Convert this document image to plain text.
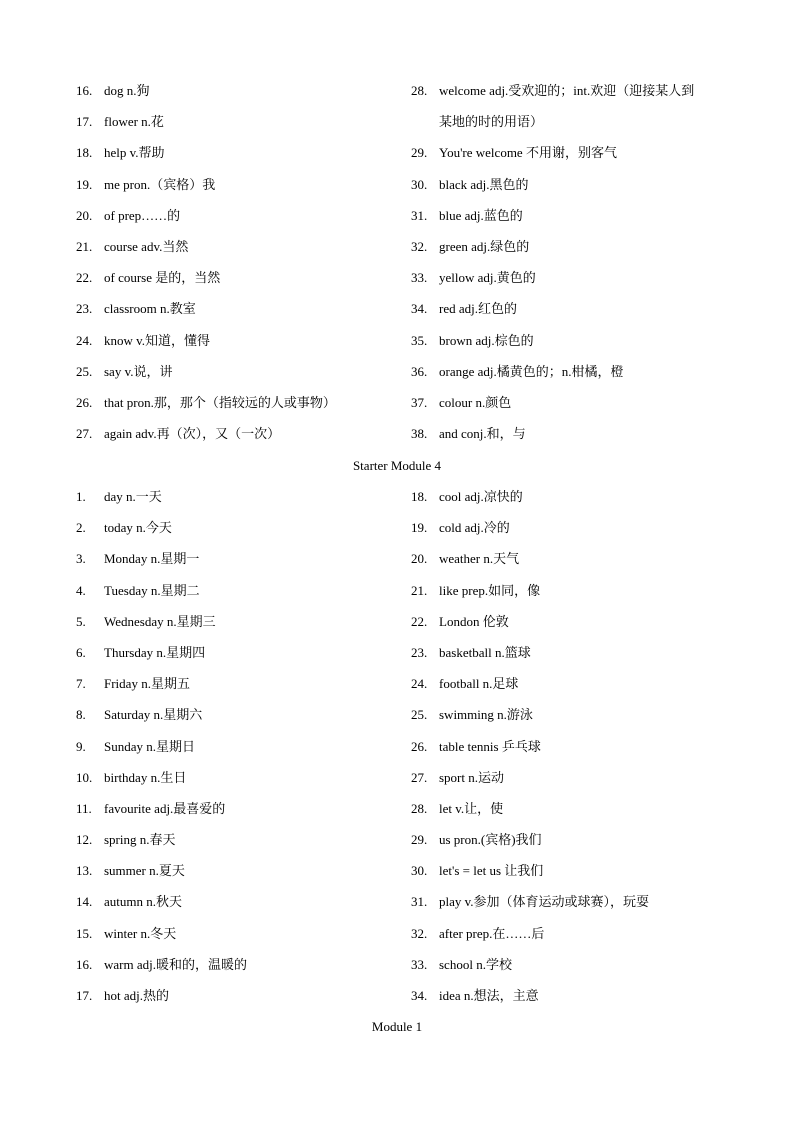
16. dog n.狗
17. flower n.花
18. help v.帮助
19. me pron.（宾格）我
20. of prep……的
21. course adv.当然
22. of course 是的，当然
23. classroom n.教室
24. know v.知道，懂得
25. say v.说，讲
26. that pron.那，那个（指较远的人或事物）
27. again adv.再（次），又（一次）
28. welcome adj.受欢迎的；int.欢迎（迎接某人到
某地的时的用语）
29. You're welcome 不用谢，别客气
30. black adj.黑色的
31. blue adj.蓝色的
32. green adj.绿色的
33. yellow adj.黄色的
34. red adj.红色的
35. brown adj.棕色的
36. orange adj.橘黄色的；n.柑橘，橙
37. colour n.颜色
38. and conj.和，与
Starter Module 4
1. day n.一天
2. today n.今天
3. Monday n.星期一
4. Tuesday n.星期二
5. Wednesday n.星期三
6. Thursday n.星期四
7. Friday n.星期五
8. Saturday n.星期六
9. Sunday n.星期日
10. birthday n.生日
11. favourite adj.最喜爱的
12. spring n.春天
13. summer n.夏天
14. autumn n.秋天
15. winter n.冬天
16. warm adj.暖和的，温暖的
17. hot adj.热的
18. cool adj.凉快的
19. cold adj.冷的
20. weather n.天气
21. like prep.如同，像
22. London 伦敦
23. basketball n.篮球
24. football n.足球
25. swimming n.游泳
26. table tennis 乒乓球
27. sport n.运动
28. let v.让，使
29. us pron.(宾格)我们
30. let's = let us 让我们
31. play v.参加（体育运动或球赛），玩耍
32. after prep.在……后
33. school n.学校
34. idea n.想法，主意
Module 1
